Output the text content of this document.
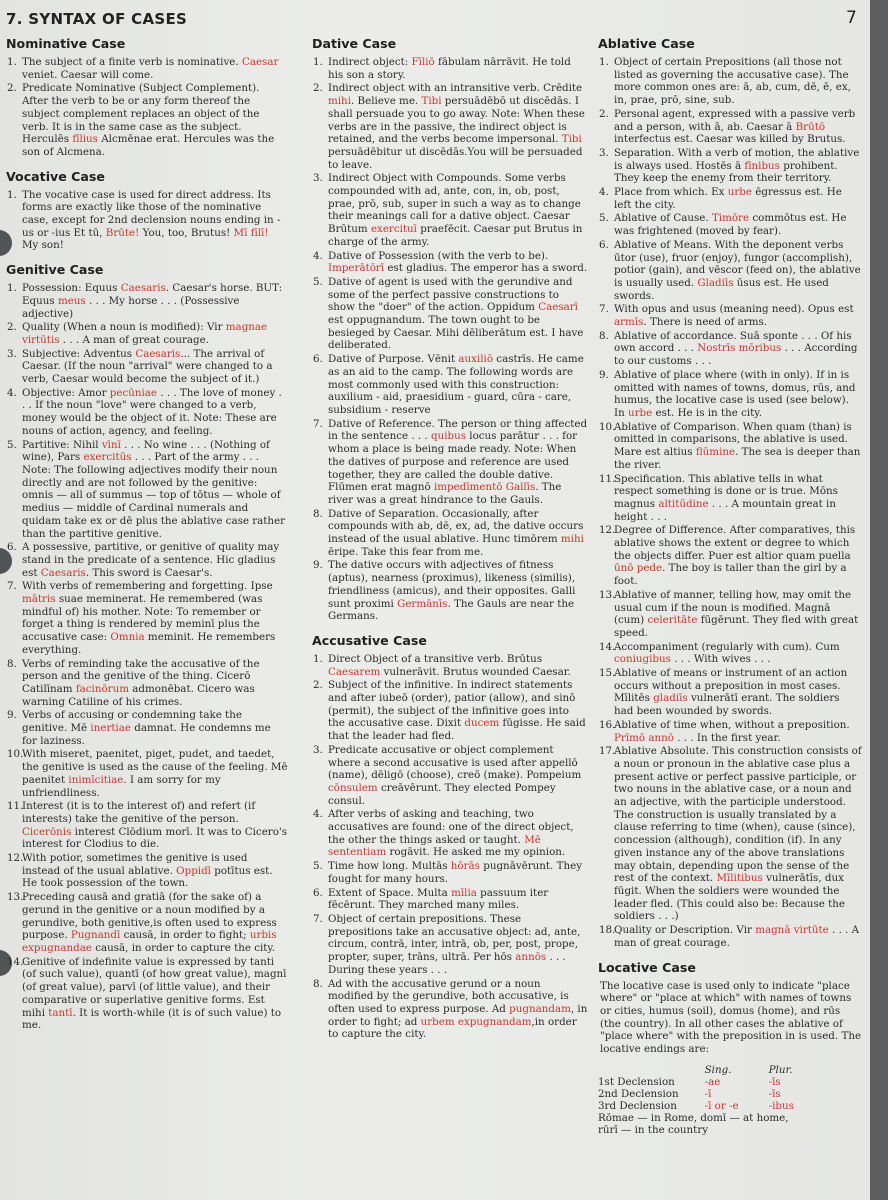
7. SYNTAX OF CASES	7
Nominative Case
1. The subject of a finite verb is nominative. Caesar veniet. Caesar will come.
2. Predicate Nominative (Subject Complement). After the verb to be or any form thereof the subject complement replaces an object of the verb. It is in the same case as the subject. Herculēs fīlius Alcmēnae erat. Hercules was the son of Alcmena.
Vocative Case
1. The vocative case is used for direct address. Its forms are exactly like those of the nominative case, except for 2nd declension nouns ending in -us or -ius Et tū, Brūte! You, too, Brutus! Mī fīlī! My son!
Genitive Case
1. Possession: Equus Caesaris. Caesar's horse. BUT: Equus meus . . . My horse . . . (Possessive adjective)
2. Quality (When a noun is modified): Vir magnae virtūtis . . . A man of great courage.
3. Subjective: Adventus Caesaris... The arrival of Caesar. (If the noun "arrival" were changed to a verb, Caesar would become the subject of it.)
4. Objective: Amor pecūniae . . . The love of money . . . If the noun "love" were changed to a verb, money would be the object of it. Note: These are nouns of action, agency, and feeling.
5. Partitive: Nihil vīnī . . . No wine . . . (Nothing of wine), Pars exercitūs . . . Part of the army . . . Note: The following adjectives modify their noun directly and are not followed by the genitive: omnis — all of summus — top of tōtus — whole of medius — middle of Cardinal numerals and quidam take ex or dē plus the ablative case rather than the partitive genitive.
6. A possessive, partitive, or genitive of quality may stand in the predicate of a sentence. Hic gladius est Caesaris. This sword is Caesar's.
7. With verbs of remembering and forgetting. Ipse mātris suae meminerat. He remembered (was mindful of) his mother. Note: To remember or forget a thing is rendered by meminī plus the accusative case: Omnia meminit. He remembers everything.
8. Verbs of reminding take the accusative of the person and the genitive of the thing. Cicerō Catilīnam facinōrum admonēbat. Cicero was warning Catiline of his crimes.
9. Verbs of accusing or condemning take the genitive. Mē inertiae damnat. He condemns me for laziness.
10.
With miseret, paenitet, piget, pudet, and taedet, the genitive is used as the cause of the feeling. Mē paenitet inimīcitiae. I am sorry for my unfriendliness.
11.
Interest (it is to the interest of) and refert (if interests) take the genitive of the person. Cicerōnis interest Clōdium morī. It was to Cicero's interest for Clodius to die.
12.
With potior, sometimes the genitive is used instead of the usual ablative. Oppidī potītus est. He took possession of the town.
13.
Preceding causā and gratiā (for the sake of) a gerund in the genitive or a noun modified by a gerundive, both genitive,is often used to express purpose. Pugnandī causā, in order to fight; urbis expugnandae causā, in order to capture the city.
14.
Genitive of indefinite value is expressed by tanti (of such value), quantī (of how great value), magnī (of great value), parvī (of little value), and their comparative or superlative genitive forms. Est mihi tantī. It is worth-while (it is of such value) to me.
Dative Case
1. Indirect object: Fīliō fābulam nārrāvit. He told his son a story.
2. Indirect object with an intransitive verb. Crēdite mihi. Believe me. Tibi persuādēbō ut discēdās. I shall persuade you to go away. Note: When these verbs are in the passive, the indirect object is retained, and the verbs become impersonal. Tibi persuādēbitur ut discēdās.You will be persuaded to leave.
3. Indirect Object with Compounds. Some verbs compounded with ad, ante, con, in, ob, post, prae, prō, sub, super in such a way as to change their meanings call for a dative object. Caesar Brūtum exercituī praefēcit. Caesar put Brutus in charge of the army.
4. Dative of Possession (with the verb to be). Imperātōrī est gladius. The emperor has a sword.
5. Dative of agent is used with the gerundive and some of the perfect passive constructions to show the "doer" of the action. Oppidum Caesarī est oppugnandum. The town ought to be besieged by Caesar. Mihi dēliberātum est. I have deliberated.
6. Dative of Purpose. Vēnit auxiliō castrīs. He came as an aid to the camp. The following words are most commonly used with this construction: auxilium - aid, praesidium - guard, cūra - care, subsidium - reserve
7. Dative of Reference. The person or thing affected in the sentence . . . quibus locus parātur . . . for whom a place is being made ready. Note: When the datives of purpose and reference are used together, they are called the double dative. Flūmen erat magnō impedīmentō Gallīs. The river was a great hindrance to the Gauls.
8. Dative of Separation. Occasionally, after compounds with ab, dē, ex, ad, the dative occurs instead of the usual ablative. Hunc timōrem mihi ēripe. Take this fear from me.
9. The dative occurs with adjectives of fitness (aptus), nearness (proximus), likeness (similis), friendliness (amicus), and their opposites. Galli sunt proximi Germānīs. The Gauls are near the Germans.
Accusative Case
1. Direct Object of a transitive verb. Brūtus Caesarem vulnerāvit. Brutus wounded Caesar.
2. Subject of the infinitive. In indirect statements and after iubeō (order), patior (allow), and sinō (permit), the subject of the infinitive goes into the accusative case. Dixit ducem fūgisse. He said that the leader had fled.
3. Predicate accusative or object complement where a second accusative is used after appellō (name), dēligō (choose), creō (make). Pompeium cōnsulem creāvērunt. They elected Pompey consul.
4. After verbs of asking and teaching, two accusatives are found: one of the direct object, the other the things asked or taught. Mē sententiam rogāvit. He asked me my opinion.
5. Time how long. Multās hōrās pugnāvērunt. They fought for many hours.
6. Extent of Space. Multa mīlia passuum iter fēcērunt. They marched many miles.
7. Object of certain prepositions. These prepositions take an accusative object: ad, ante, circum, contrā, inter, intrā, ob, per, post, prope, propter, super, trāns, ultrā. Per hōs annōs . . . During these years . . .
8. Ad with the accusative gerund or a noun modified by the gerundive, both accusative, is often used to express purpose. Ad pugnandam, in order to fight; ad urbem expugnandam,in order to capture the city.
Ablative Case
1. Object of certain Prepositions (all those not listed as governing the accusative case). The more common ones are: ā, ab, cum, dē, ē, ex, in, prae, prō, sine, sub.
2. Personal agent, expressed with a passive verb and a person, with ā, ab. Caesar ā Brūtō interfectus est. Caesar was killed by Brutus.
3. Separation. With a verb of motion, the ablative is always used. Hostēs ā fīnibus prohibent. They keep the enemy from their territory.
4. Place from which. Ex urbe ēgressus est. He left the city.
5. Ablative of Cause. Timōre commōtus est. He was frightened (moved by fear).
6. Ablative of Means. With the deponent verbs ūtor (use), fruor (enjoy), fungor (accomplish), potior (gain), and vēscor (feed on), the ablative is usually used. Gladiīs ūsus est. He used swords.
7. With opus and usus (meaning need). Opus est armīs. There is need of arms.
8. Ablative of accordance. Suā sponte . . . Of his own accord . . . Nostrīs mōribus . . . According to our customs . . .
9. Ablative of place where (with in only). If in is omitted with names of towns, domus, rūs, and humus, the locative case is used (see below). In urbe est. He is in the city.
10.
Ablative of Comparison. When quam (than) is omitted in comparisons, the ablative is used. Mare est altius flūmine. The sea is deeper than the river.
11.
Specification. This ablative tells in what respect something is done or is true. Mōns magnus altitūdine . . . A mountain great in height . . .
12.
Degree of Difference. After comparatives, this ablative shows the extent or degree to which the objects differ. Puer est altior quam puella ūnō pede. The boy is taller than the girl by a foot.
13.
Ablative of manner, telling how, may omit the usual cum if the noun is modified. Magnā (cum) celeritāte fūgērunt. They fled with great speed.
14.
Accompaniment (regularly with cum). Cum coniugibus . . . With wives . . .
15.
Ablative of means or instrument of an action occurs without a preposition in most cases. Mīlitēs gladiīs vulnerātī erant. The soldiers had been wounded by swords.
16.
Ablative of time when, without a preposition. Prīmō annō . . . In the first year.
17.
Ablative Absolute. This construction consists of a noun or pronoun in the ablative case plus a present active or perfect passive participle, or two nouns in the ablative case, or a noun and an adjective, with the participle understood. The construction is usually translated by a clause referring to time (when), cause (since), concession (although), condition (if). In any given instance any of the above translations may obtain, depending upon the sense of the rest of the context. Mīlitibus vulnerātīs, dux fūgit. When the soldiers were wounded the leader fled. (This could also be: Because the soldiers . . .)
18.
Quality or Description. Vir magnā virtūte . . . A man of great courage.
Locative Case

The locative case is used only to indicate "place where" or "place at which" with names of towns or cities, humus (soil), domus (home), and rūs (the country). In all other cases the ablative of "place where" with the preposition in is used. The locative endings are:

	Sing.	Plur.
1st Declension	-ae	-īs
2nd Declension	-ī	-īs
3rd Declension	-ī or -e	-ibus
Rōmae — in Rome, domī — at home,
rūrī — in the country
